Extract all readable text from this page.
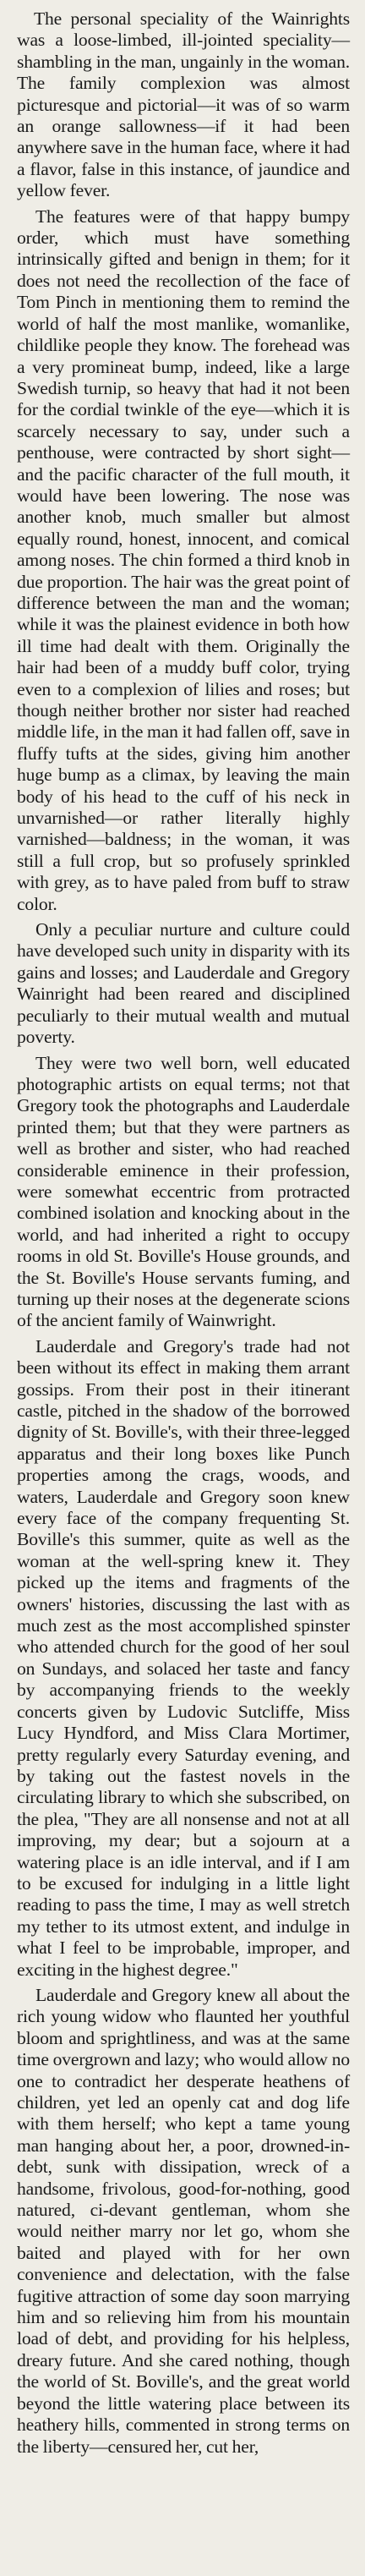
The personal speciality of the Wainrights was a loose-limbed, ill-jointed speciality—shambling in the man, ungainly in the woman. The family complexion was almost picturesque and pictorial—it was of so warm an orange sallowness—if it had been anywhere save in the human face, where it had a flavor, false in this instance, of jaundice and yellow fever.

The features were of that happy bumpy order, which must have something intrinsically gifted and benign in them; for it does not need the recollection of the face of Tom Pinch in mentioning them to remind the world of half the most manlike, womanlike, childlike people they know. The forehead was a very promineat bump, indeed, like a large Swedish turnip, so heavy that had it not been for the cordial twinkle of the eye—which it is scarcely necessary to say, under such a penthouse, were contracted by short sight—and the pacific character of the full mouth, it would have been lowering. The nose was another knob, much smaller but almost equally round, honest, innocent, and comical among noses. The chin formed a third knob in due proportion. The hair was the great point of difference between the man and the woman; while it was the plainest evidence in both how ill time had dealt with them. Originally the hair had been of a muddy buff color, trying even to a complexion of lilies and roses; but though neither brother nor sister had reached middle life, in the man it had fallen off, save in fluffy tufts at the sides, giving him another huge bump as a climax, by leaving the main body of his head to the cuff of his neck in unvarnished—or rather literally highly varnished—baldness; in the woman, it was still a full crop, but so profusely sprinkled with grey, as to have paled from buff to straw color.

Only a peculiar nurture and culture could have developed such unity in disparity with its gains and losses; and Lauderdale and Gregory Wainright had been reared and disciplined peculiarly to their mutual wealth and mutual poverty.

They were two well born, well educated photographic artists on equal terms; not that Gregory took the photographs and Lauderdale printed them; but that they were partners as well as brother and sister, who had reached considerable eminence in their profession, were somewhat eccentric from protracted combined isolation and knocking about in the world, and had inherited a right to occupy rooms in old St. Boville's House grounds, and the St. Boville's House servants fuming, and turning up their noses at the degenerate scions of the ancient family of Wainwright.

Lauderdale and Gregory's trade had not been without its effect in making them arrant gossips. From their post in their itinerant castle, pitched in the shadow of the borrowed dignity of St. Boville's, with their three-legged apparatus and their long boxes like Punch properties among the crags, woods, and waters, Lauderdale and Gregory soon knew every face of the company frequenting St. Boville's this summer, quite as well as the woman at the well-spring knew it. They picked up the items and fragments of the owners' histories, discussing the last with as much zest as the most accomplished spinster who attended church for the good of her soul on Sundays, and solaced her taste and fancy by accompanying friends to the weekly concerts given by Ludovic Sutcliffe, Miss Lucy Hyndford, and Miss Clara Mortimer, pretty regularly every Saturday evening, and by taking out the fastest novels in the circulating library to which she subscribed, on the plea, "They are all nonsense and not at all improving, my dear; but a sojourn at a watering place is an idle interval, and if I am to be excused for indulging in a little light reading to pass the time, I may as well stretch my tether to its utmost extent, and indulge in what I feel to be improbable, improper, and exciting in the highest degree."

Lauderdale and Gregory knew all about the rich young widow who flaunted her youthful bloom and sprightliness, and was at the same time overgrown and lazy; who would allow no one to contradict her desperate heathens of children, yet led an openly cat and dog life with them herself; who kept a tame young man hanging about her, a poor, drowned-in-debt, sunk with dissipation, wreck of a handsome, frivolous, good-for-nothing, good natured, ci-devant gentleman, whom she would neither marry nor let go, whom she baited and played with for her own convenience and delectation, with the false fugitive attraction of some day soon marrying him and so relieving him from his mountain load of debt, and providing for his helpless, dreary future. And she cared nothing, though the world of St. Boville's, and the great world beyond the little watering place between its heathery hills, commented in strong terms on the liberty—censured her, cut her,
